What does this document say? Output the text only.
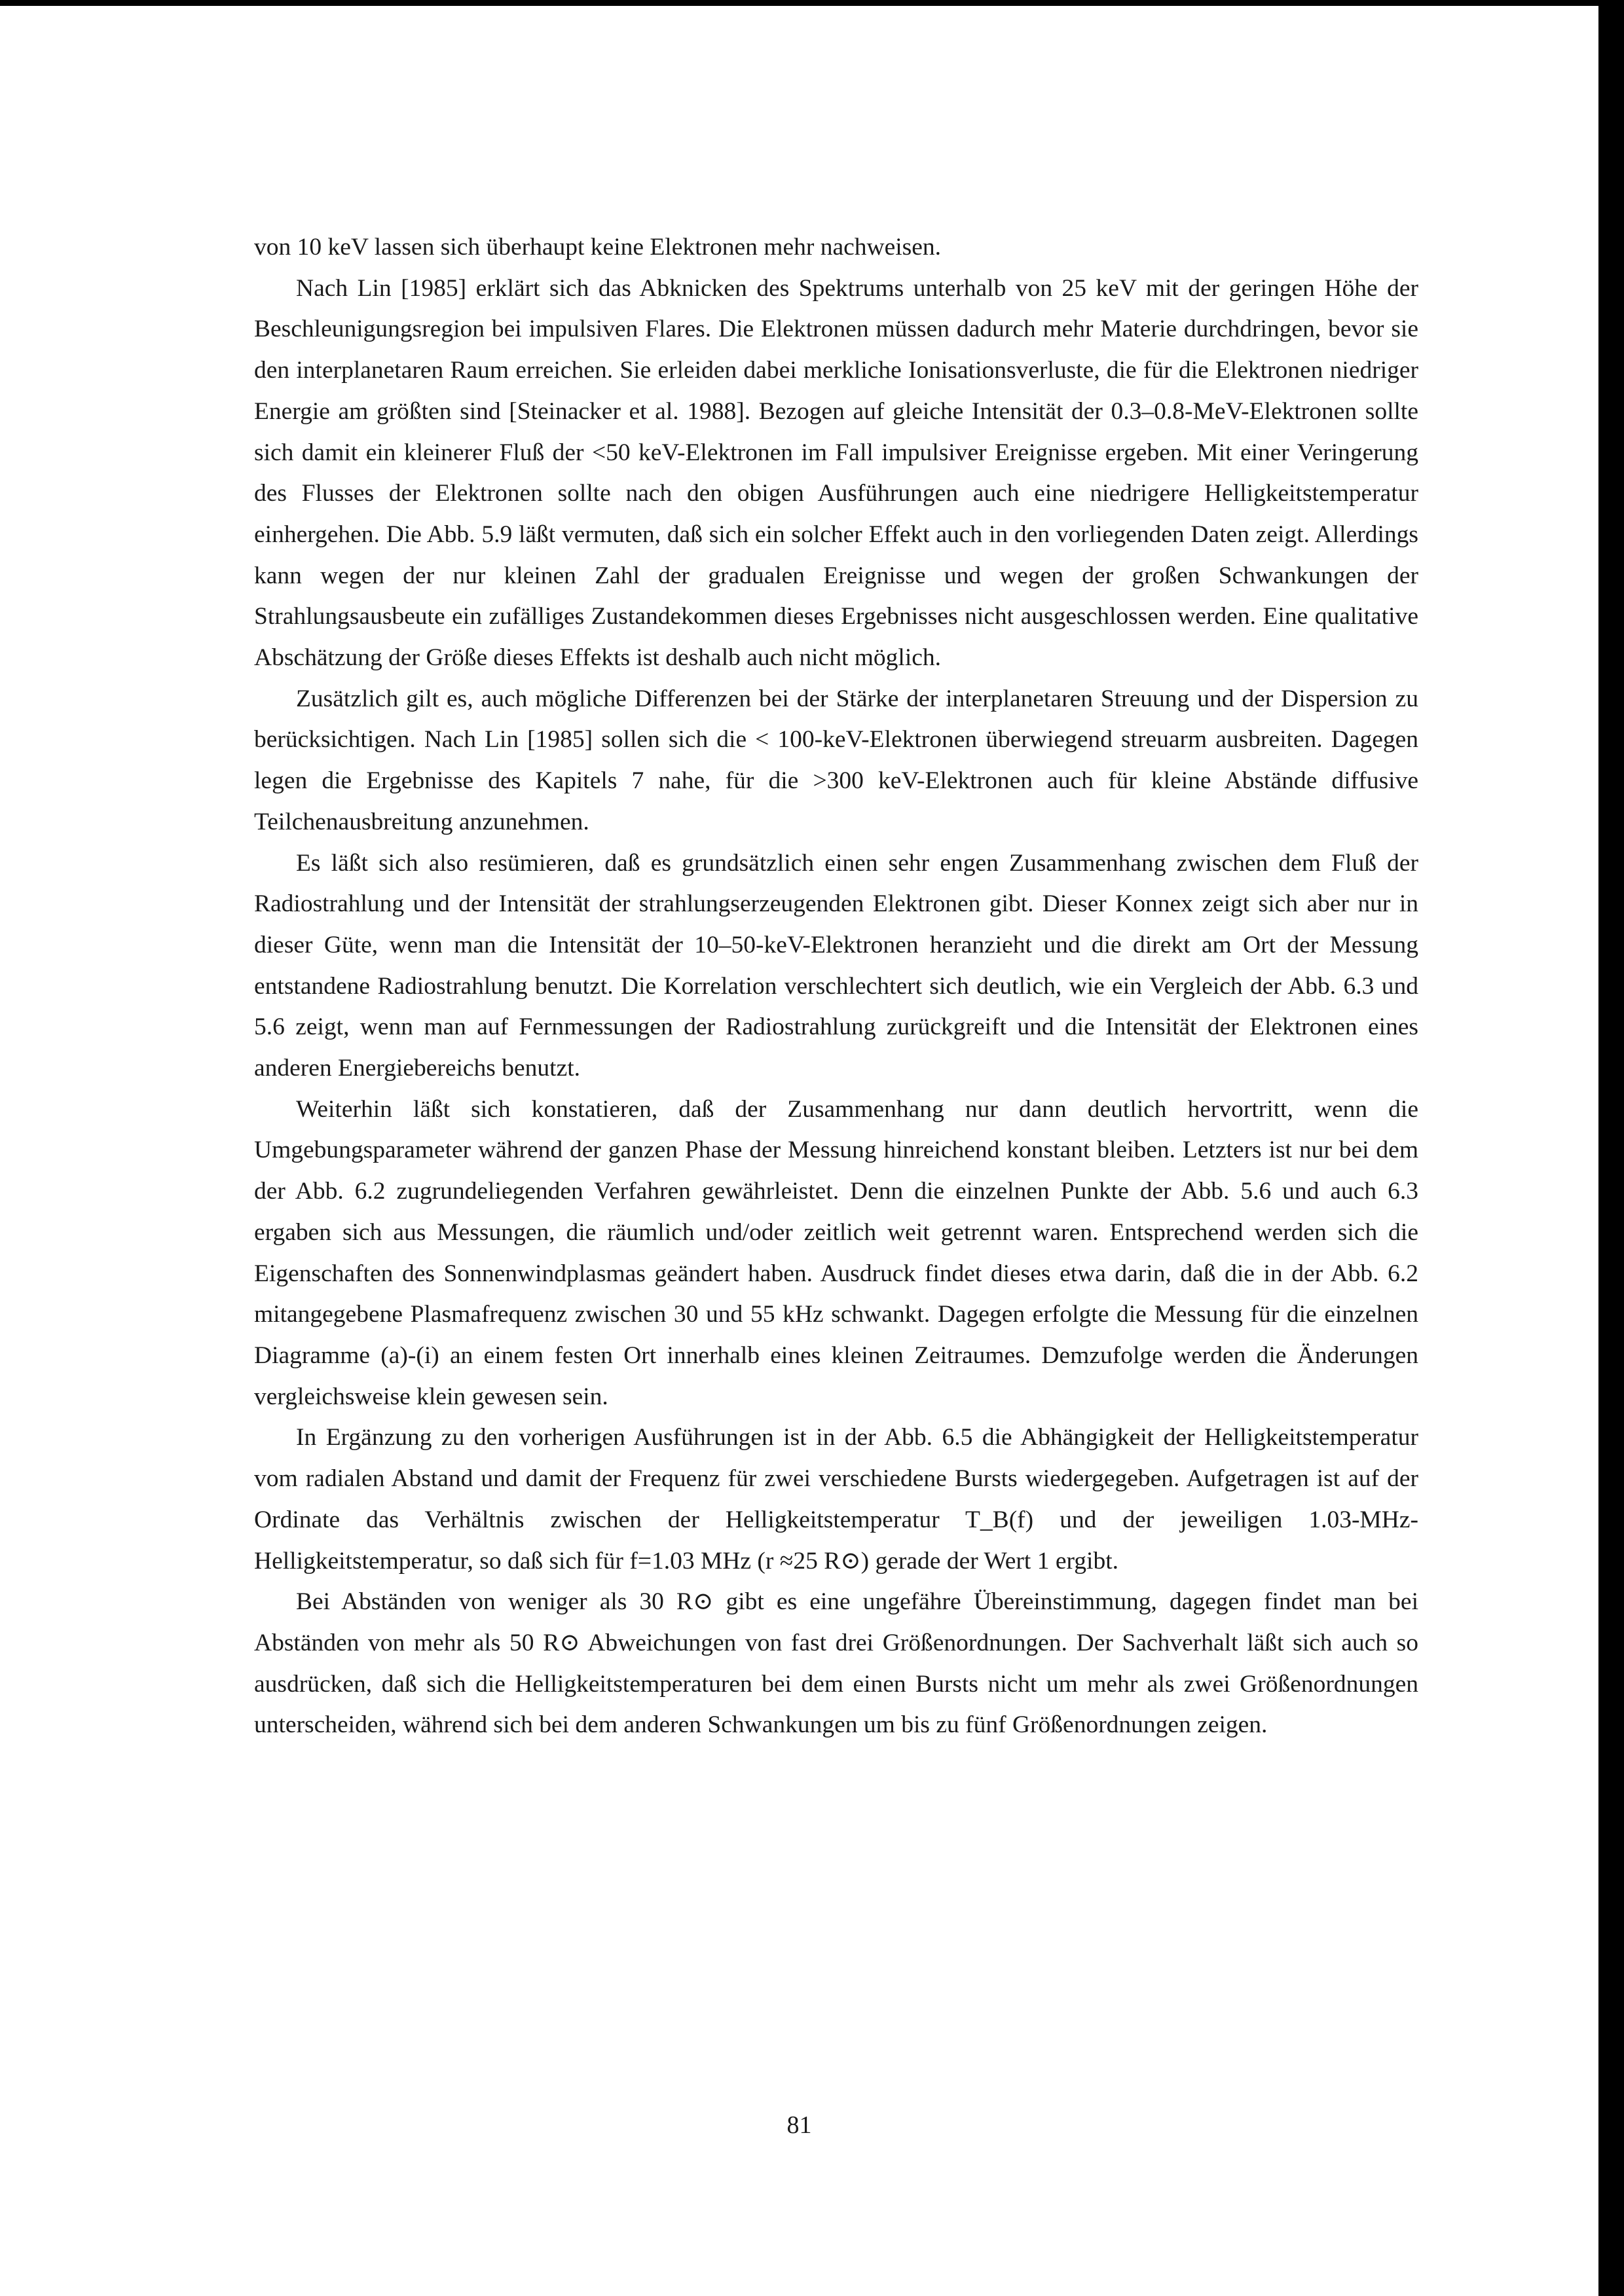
von 10 keV lassen sich überhaupt keine Elektronen mehr nachweisen.

Nach Lin [1985] erklärt sich das Abknicken des Spektrums unterhalb von 25 keV mit der geringen Höhe der Beschleunigungsregion bei impulsiven Flares. Die Elektronen müssen dadurch mehr Materie durchdringen, bevor sie den interplanetaren Raum erreichen. Sie erleiden dabei merkliche Ionisationsverluste, die für die Elektronen niedriger Energie am größten sind [Steinacker et al. 1988]. Bezogen auf gleiche Intensität der 0.3–0.8-MeV-Elektronen sollte sich damit ein kleinerer Fluß der <50 keV-Elektronen im Fall impulsiver Ereignisse ergeben. Mit einer Veringerung des Flusses der Elektronen sollte nach den obigen Ausführungen auch eine niedrigere Helligkeitstemperatur einhergehen. Die Abb. 5.9 läßt vermuten, daß sich ein solcher Effekt auch in den vorliegenden Daten zeigt. Allerdings kann wegen der nur kleinen Zahl der gradualen Ereignisse und wegen der großen Schwankungen der Strahlungsausbeute ein zufälliges Zustandekommen dieses Ergebnisses nicht ausgeschlossen werden. Eine qualitative Abschätzung der Größe dieses Effekts ist deshalb auch nicht möglich.

Zusätzlich gilt es, auch mögliche Differenzen bei der Stärke der interplanetaren Streuung und der Dispersion zu berücksichtigen. Nach Lin [1985] sollen sich die < 100-keV-Elektronen überwiegend streuarm ausbreiten. Dagegen legen die Ergebnisse des Kapitels 7 nahe, für die >300 keV-Elektronen auch für kleine Abstände diffusive Teilchenausbreitung anzunehmen.

Es läßt sich also resümieren, daß es grundsätzlich einen sehr engen Zusammenhang zwischen dem Fluß der Radiostrahlung und der Intensität der strahlungserzeugenden Elektronen gibt. Dieser Konnex zeigt sich aber nur in dieser Güte, wenn man die Intensität der 10–50-keV-Elektronen heranzieht und die direkt am Ort der Messung entstandene Radiostrahlung benutzt. Die Korrelation verschlechtert sich deutlich, wie ein Vergleich der Abb. 6.3 und 5.6 zeigt, wenn man auf Fernmessungen der Radiostrahlung zurückgreift und die Intensität der Elektronen eines anderen Energiebereichs benutzt.

Weiterhin läßt sich konstatieren, daß der Zusammenhang nur dann deutlich hervortritt, wenn die Umgebungsparameter während der ganzen Phase der Messung hinreichend konstant bleiben. Letzters ist nur bei dem der Abb. 6.2 zugrundeliegenden Verfahren gewährleistet. Denn die einzelnen Punkte der Abb. 5.6 und auch 6.3 ergaben sich aus Messungen, die räumlich und/oder zeitlich weit getrennt waren. Entsprechend werden sich die Eigenschaften des Sonnenwindplasmas geändert haben. Ausdruck findet dieses etwa darin, daß die in der Abb. 6.2 mitangegebene Plasmafrequenz zwischen 30 und 55 kHz schwankt. Dagegen erfolgte die Messung für die einzelnen Diagramme (a)-(i) an einem festen Ort innerhalb eines kleinen Zeitraumes. Demzufolge werden die Änderungen vergleichsweise klein gewesen sein.

In Ergänzung zu den vorherigen Ausführungen ist in der Abb. 6.5 die Abhängigkeit der Helligkeitstemperatur vom radialen Abstand und damit der Frequenz für zwei verschiedene Bursts wiedergegeben. Aufgetragen ist auf der Ordinate das Verhältnis zwischen der Helligkeitstemperatur T_B(f) und der jeweiligen 1.03-MHz-Helligkeitstemperatur, so daß sich für f=1.03 MHz (r ≈25 R⊙) gerade der Wert 1 ergibt.

Bei Abständen von weniger als 30 R⊙ gibt es eine ungefähre Übereinstimmung, dagegen findet man bei Abständen von mehr als 50 R⊙ Abweichungen von fast drei Größenordnungen. Der Sachverhalt läßt sich auch so ausdrücken, daß sich die Helligkeitstemperaturen bei dem einen Bursts nicht um mehr als zwei Größenordnungen unterscheiden, während sich bei dem anderen Schwankungen um bis zu fünf Größenordnungen zeigen.

81
